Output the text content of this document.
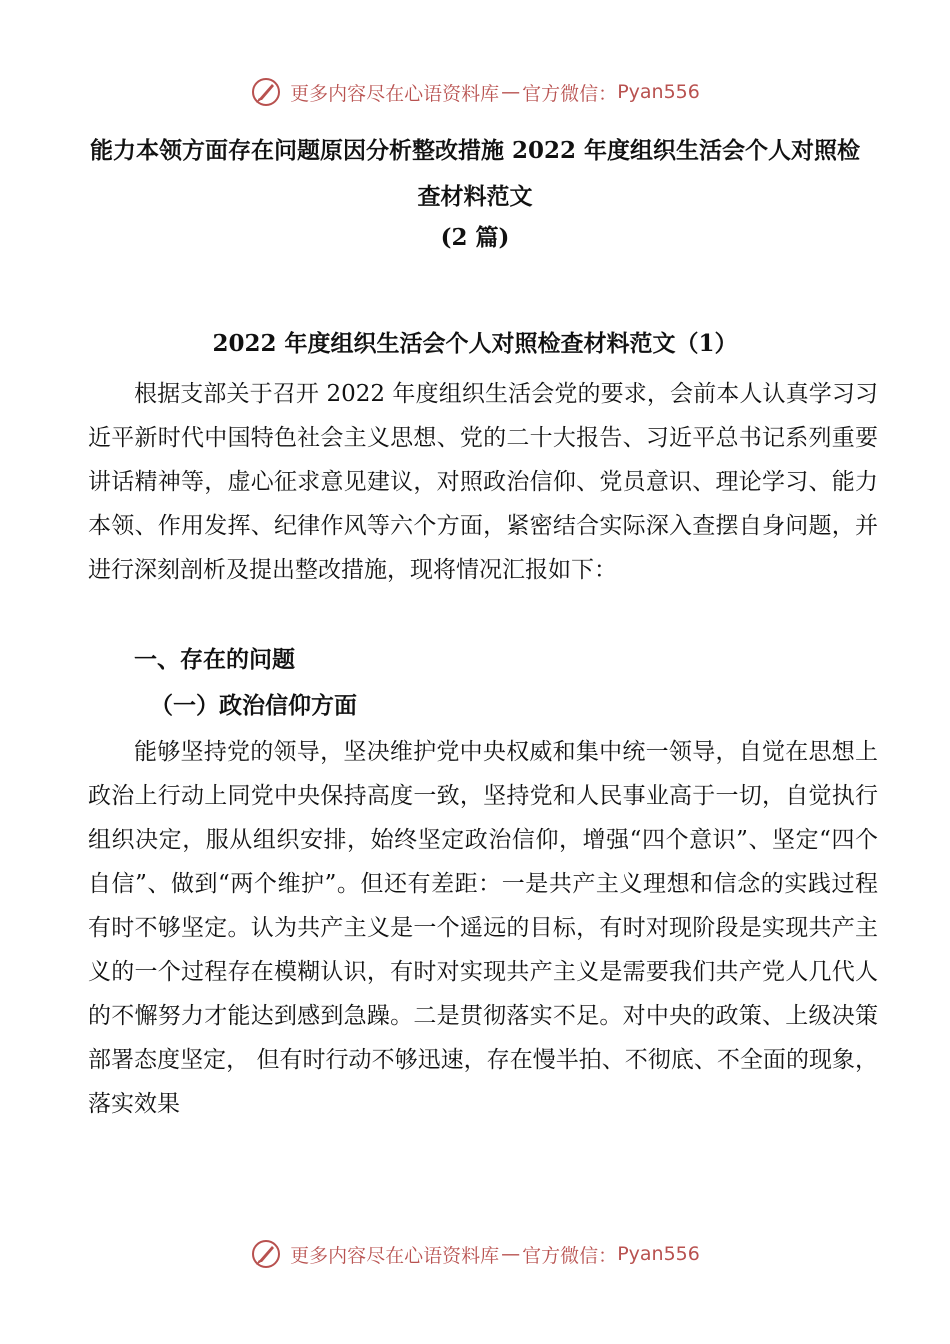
更多内容尽在心语资料库 — 官方微信： Pyan556
能力本领方面存在问题原因分析整改措施 2022 年度组织生活会个人对照检查材料范文
(2 篇)
2022 年度组织生活会个人对照检查材料范文（1）

根据支部关于召开 2022 年度组织生活会党的要求，会前本人认真学习习近平新时代中国特色社会主义思想、党的二十大报告、习近平总书记系列重要讲话精神等，虚心征求意见建议，对照政治信仰、党员意识、理论学习、能力本领、作用发挥、纪律作风等六个方面，紧密结合实际深入查摆自身问题，并进行深刻剖析及提出整改措施，现将情况汇报如下：

一、存在的问题
（一）政治信仰方面

能够坚持党的领导，坚决维护党中央权威和集中统一领导，自觉在思想上政治上行动上同党中央保持高度一致，坚持党和人民事业高于一切，自觉执行组织决定，服从组织安排，始终坚定政治信仰，增强“四个意识”、坚定“四个自信”、做到“两个维护”。但还有差距：一是共产主义理想和信念的实践过程有时不够坚定。认为共产主义是一个遥远的目标，有时对现阶段是实现共产主义的一个过程存在模糊认识，有时对实现共产主义是需要我们共产党人几代人的不懈努力才能达到感到急躁。二是贯彻落实不足。对中央的政策、上级决策部署态度坚定， 但有时行动不够迅速，存在慢半拍、不彻底、不全面的现象，落实效果

更多内容尽在心语资料库 — 官方微信： Pyan556
